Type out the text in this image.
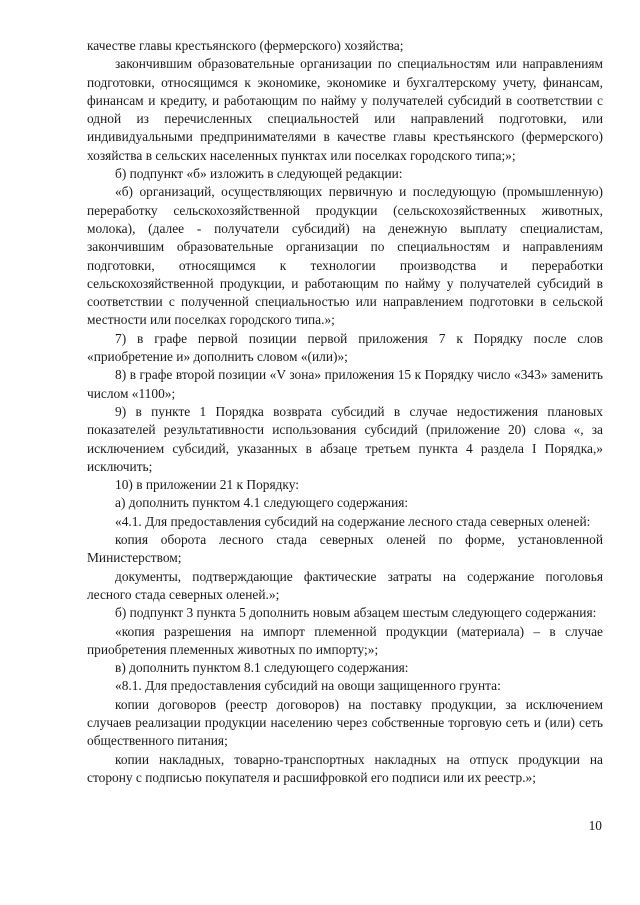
качестве главы крестьянского (фермерского) хозяйства;

закончившим образовательные организации по специальностям или направлениям подготовки, относящимся к экономике, экономике и бухгалтерскому учету, финансам, финансам и кредиту, и работающим по найму у получателей субсидий в соответствии с одной из перечисленных специальностей или направлений подготовки, или индивидуальными предпринимателями в качестве главы крестьянского (фермерского) хозяйства в сельских населенных пунктах или поселках городского типа;»;

б) подпункт «б» изложить в следующей редакции:

«б) организаций, осуществляющих первичную и последующую (промышленную) переработку сельскохозяйственной продукции (сельскохозяйственных животных, молока), (далее - получатели субсидий) на денежную выплату специалистам, закончившим образовательные организации по специальностям и направлениям подготовки, относящимся к технологии производства и переработки сельскохозяйственной продукции, и работающим по найму у получателей субсидий в соответствии с полученной специальностью или направлением подготовки в сельской местности или поселках городского типа.»;

7) в графе первой позиции первой приложения 7 к Порядку после слов «приобретение и» дополнить словом «(или)»;

8) в графе второй позиции «V зона» приложения 15 к Порядку число «343» заменить числом «1100»;

9) в пункте 1 Порядка возврата субсидий в случае недостижения плановых показателей результативности использования субсидий (приложение 20) слова «, за исключением субсидий, указанных в абзаце третьем пункта 4 раздела I Порядка,» исключить;

10) в приложении 21 к Порядку:

а) дополнить пунктом 4.1 следующего содержания:

«4.1. Для предоставления субсидий на содержание лесного стада северных оленей:

копия оборота лесного стада северных оленей по форме, установленной Министерством;

документы, подтверждающие фактические затраты на содержание поголовья лесного стада северных оленей.»;

б) подпункт 3 пункта 5 дополнить новым абзацем шестым следующего содержания:

«копия разрешения на импорт племенной продукции (материала) – в случае приобретения племенных животных по импорту;»;

в) дополнить пунктом 8.1 следующего содержания:

«8.1. Для предоставления субсидий на овощи защищенного грунта:

копии договоров (реестр договоров) на поставку продукции, за исключением случаев реализации продукции населению через собственные торговую сеть и (или) сеть общественного питания;

копии накладных, товарно-транспортных накладных на отпуск продукции на сторону с подписью покупателя и расшифровкой его подписи или их реестр.»;

10
